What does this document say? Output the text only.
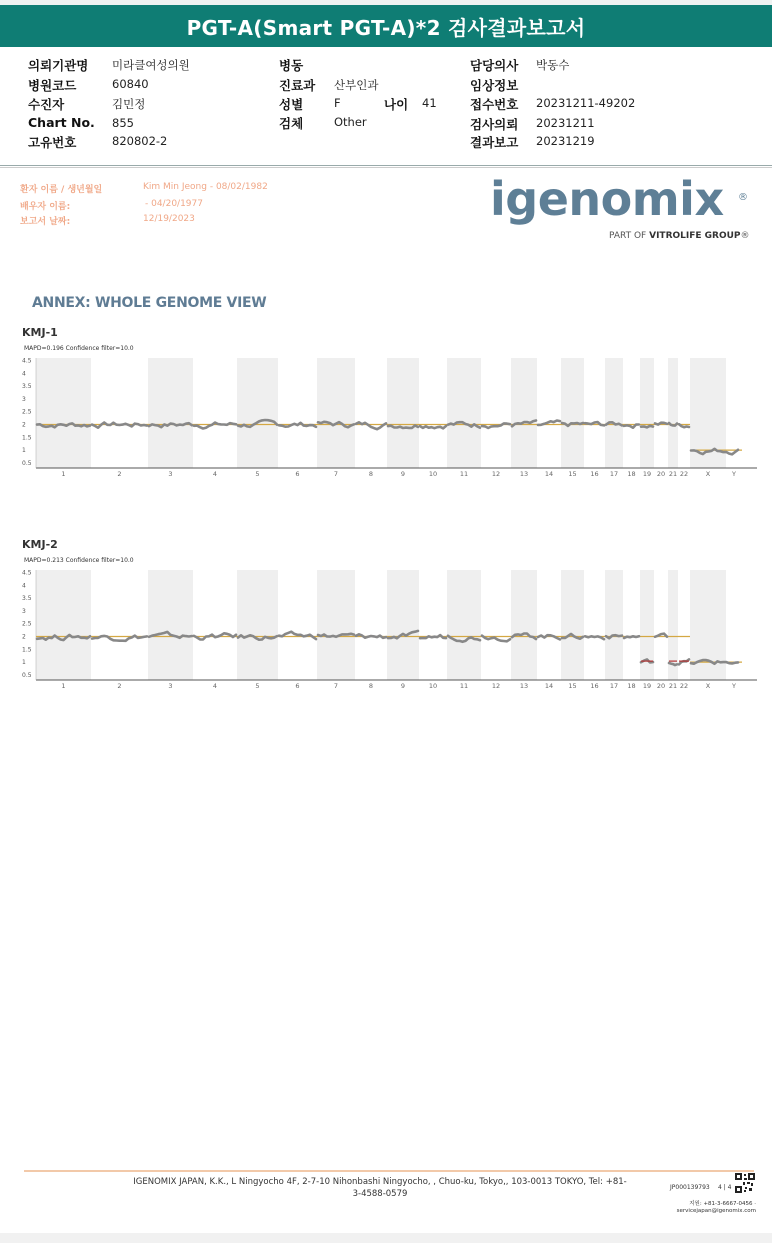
PGT-A(Smart PGT-A)*2 검사결과보고서
의뢰기관명 미라클여성의원
병원코드	60840
수진자	김민정
Chart No. 855
고유번호	820802-2
병동
진료과 산부인과
성별	F	나이 41
검체	Other
담당의사 박동수
임상정보
접수번호 20231211-49202
검사의뢰 20231211
결과보고 20231219
환자 이름 / 생년월일	Kim Min Jeong - 08/02/1982
배우자 이름:	- 04/20/1977
보고서 날짜:	12/19/2023	igenomix ®
PART OF VITROLIFE GROUP®
ANNEX: WHOLE GENOME VIEW
KMJ-1
MAPD=0.196 Confidence filter=10.0
4.5
4
3.5
3
2.5
2
1.5
1
0.5
1	2	3	4	5	6	7	8	9	10	11	12	13	14 15 16 17 18 19 20 21 22	X	Y
KMJ-2
MAPD=0.213 Confidence filter=10.0
4.5
4
3.5
3
2.5
2
1.5
1
0.5
1	2	3	4	5	6	7	8	9	10	11	12	13	14 15 16 17 18 19 20 21 22	X	Y
IGENOMIX JAPAN, K.K., L Ningyocho 4F, 2-7-10 Nihonbashi Ningyocho, , Chuo-ku, Tokyo,, 103-0013 TOKYO, Tel: +81-3-4588-0579
JP000139793 4 | 4
지원: +81-3-6667-0456 ·
servicejapan@igenomix.com
